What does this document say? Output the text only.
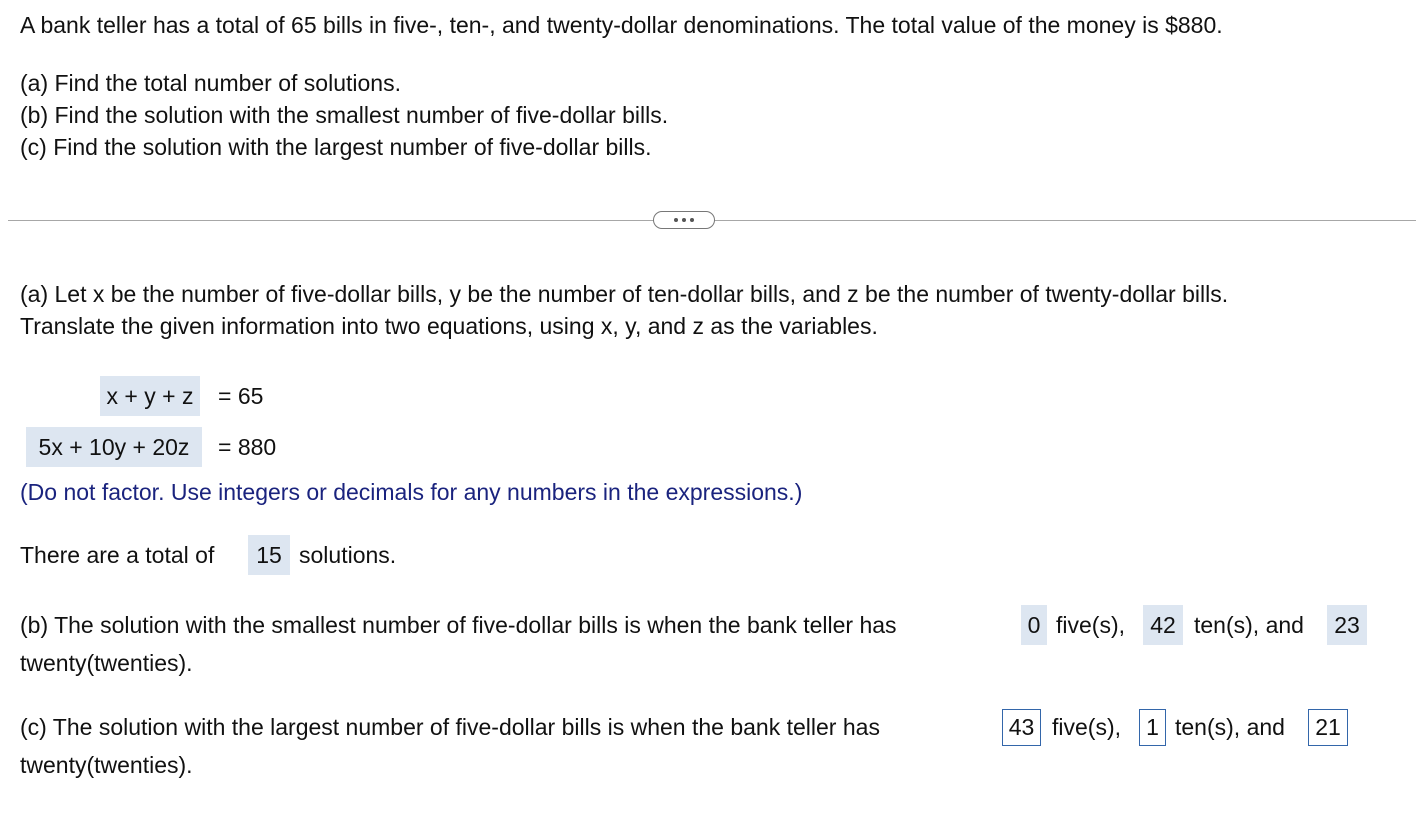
A bank teller has a total of 65 bills in five-, ten-, and twenty-dollar denominations. The total value of the money is $880.
(a) Find the total number of solutions.
(b) Find the solution with the smallest number of five-dollar bills.
(c) Find the solution with the largest number of five-dollar bills.
(a) Let x be the number of five-dollar bills, y be the number of ten-dollar bills, and z be the number of twenty-dollar bills.
Translate the given information into two equations, using x, y, and z as the variables.
x + y + z = 65
5x + 10y + 20z	= 880
(Do not factor. Use integers or decimals for any numbers in the expressions.)
There are a total of	15 solutions.
(b) The solution with the smallest number of five-dollar bills is when the bank teller has	0 five(s),	42 ten(s), and	23
twenty(twenties).
(c) The solution with the largest number of five-dollar bills is when the bank teller has	43 five(s),	1 ten(s), and	21
twenty(twenties).
